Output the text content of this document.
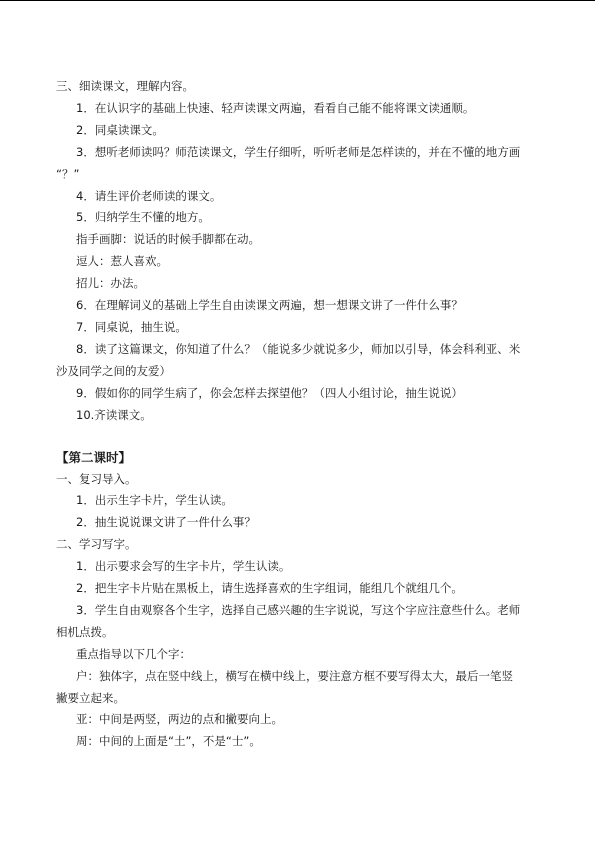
三、细读课文，理解内容。
1．在认识字的基础上快速、轻声读课文两遍，看看自己能不能将课文读通顺。
2．同桌读课文。
3．想听老师读吗？师范读课文，学生仔细听，听听老师是怎样读的，并在不懂的地方画
“？”
4．请生评价老师读的课文。
5．归纳学生不懂的地方。
指手画脚：说话的时候手脚都在动。
逗人：惹人喜欢。
招儿：办法。
6．在理解词义的基础上学生自由读课文两遍，想一想课文讲了一件什么事？
7．同桌说，抽生说。
8．读了这篇课文，你知道了什么？（能说多少就说多少，师加以引导，体会科利亚、米
沙及同学之间的友爱）
9．假如你的同学生病了，你会怎样去探望他？（四人小组讨论，抽生说说）
10.齐读课文。
【第二课时】
一、复习导入。
1．出示生字卡片，学生认读。
2．抽生说说课文讲了一件什么事？
二、学习写字。
1．出示要求会写的生字卡片，学生认读。
2．把生字卡片贴在黑板上，请生选择喜欢的生字组词，能组几个就组几个。
3．学生自由观察各个生字，选择自己感兴趣的生字说说，写这个字应注意些什么。老师
相机点拨。
重点指导以下几个字：
户：独体字，点在竖中线上，横写在横中线上，要注意方框不要写得太大，最后一笔竖
撇要立起来。
亚：中间是两竖，两边的点和撇要向上。
周：中间的上面是“土”，不是“士”。
